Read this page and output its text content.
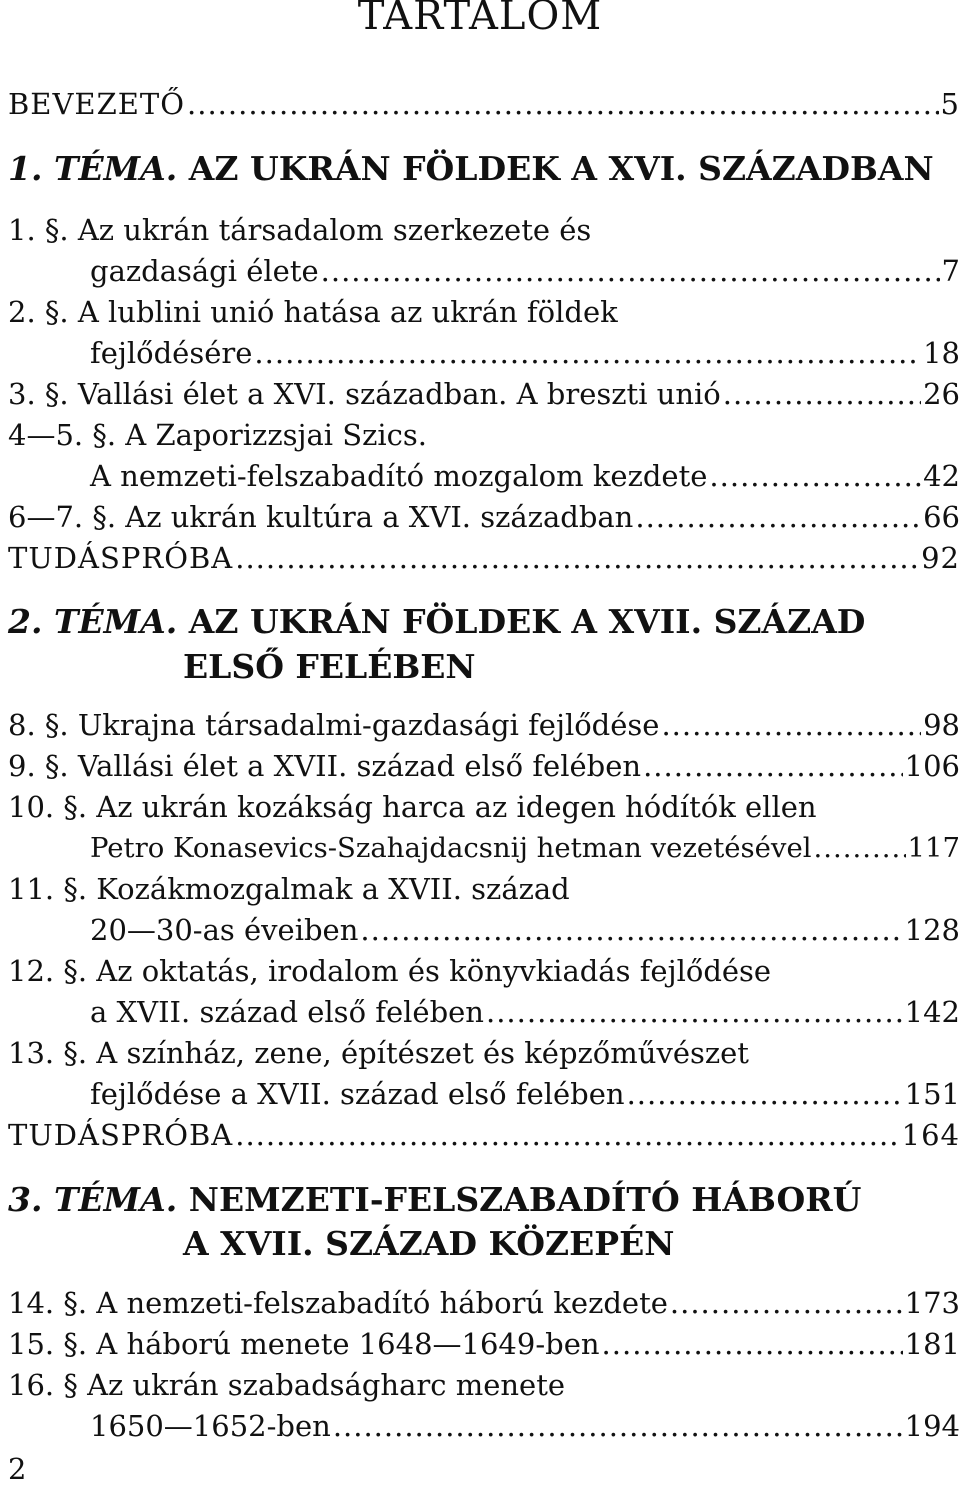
TARTALOM
BEVEZETŐ .....	5
1. TÉMA. AZ UKRÁN FÖLDEK A XVI. SZÁZADBAN
1. §. Az ukrán társadalom szerkezete és
gazdasági élete .....	7
2. §. A lublini unió hatása az ukrán földek
fejlődésére .....	18
3. §. Vallási élet a XVI. században. A breszti unió .....	26
4—5. §. A Zaporizzsjai Szics.
A nemzeti-felszabadító mozgalom kezdete .....	42
6—7. §. Az ukrán kultúra a XVI. században .....	66
TUDÁSPRÓBA .....	92
2. TÉMA. AZ UKRÁN FÖLDEK A XVII. SZÁZAD
ELSŐ FELÉBEN
8. §. Ukrajna társadalmi-gazdasági fejlődése .....	98
9. §. Vallási élet a XVII. század első felében .....	106
10. §. Az ukrán kozákság harca az idegen hódítók ellen
Petro Konasevics-Szahajdacsnij hetman vezetésével .....	117
11. §. Kozákmozgalmak a XVII. század
20—30-as éveiben .....	128
12. §. Az oktatás, irodalom és könyvkiadás fejlődése
a XVII. század első felében .....	142
13. §. A színház, zene, építészet és képzőművészet
fejlődése a XVII. század első felében .....	151
TUDÁSPRÓBA .....	164
3. TÉMA. NEMZETI-FELSZABADÍTÓ HÁBORÚ
A XVII. SZÁZAD KÖZEPÉN
14. §. A nemzeti-felszabadító háború kezdete .....	173
15. §. A háború menete 1648—1649-ben .....	181
16. § Az ukrán szabadságharc menete
1650—1652-ben .....	194
2
